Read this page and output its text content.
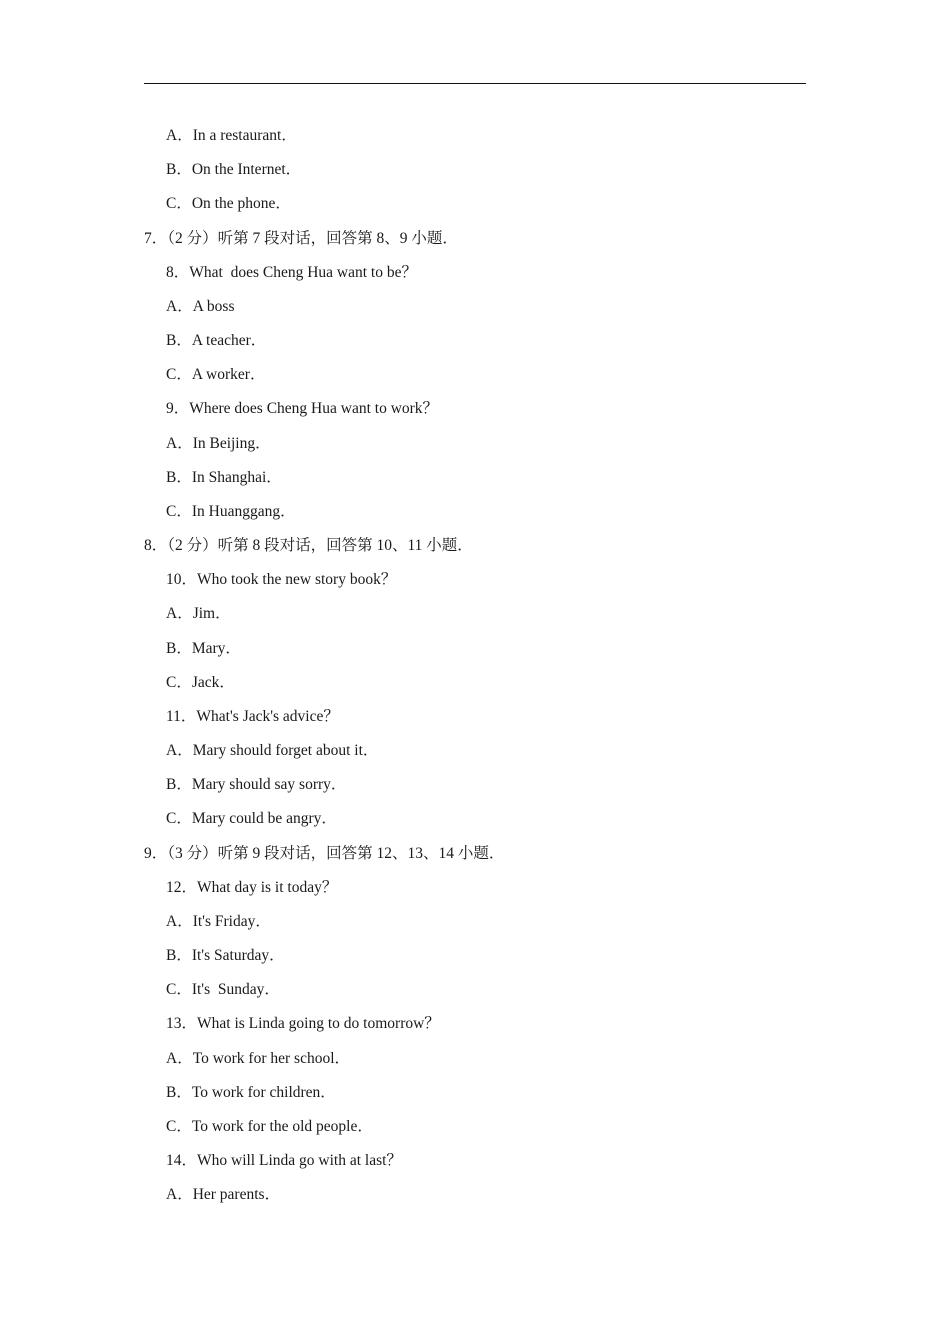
A．In a restaurant．
B．On the Internet．
C．On the phone．
7．（2 分）听第 7 段对话，回答第 8、9 小题．
8．What  does Cheng Hua want to be？
A．A boss
B．A teacher．
C．A worker．
9．Where does Cheng Hua want to work？
A．In Beijing．
B．In Shanghai．
C．In Huanggang．
8．（2 分）听第 8 段对话，回答第 10、11 小题．
10．Who took the new story book？
A．Jim．
B．Mary．
C．Jack．
11．What's Jack's advice？
A．Mary should forget about it．
B．Mary should say sorry．
C．Mary could be angry．
9．（3 分）听第 9 段对话，回答第 12、13、14 小题．
12．What day is it today？
A．It's Friday．
B．It's Saturday．
C．It's  Sunday．
13．What is Linda going to do tomorrow？
A．To work for her school．
B．To work for children．
C．To work for the old people．
14．Who will Linda go with at last？
A．Her parents．
